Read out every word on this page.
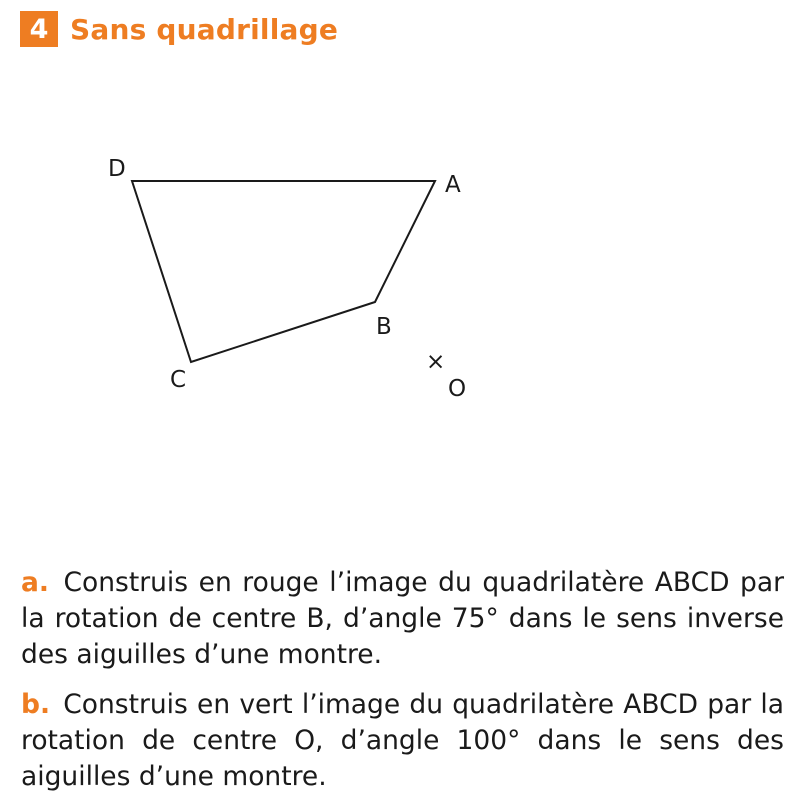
4 Sans quadrillage
D
A
B
C
×
O

a. Construis en rouge l’image du quadrilatère ABCD par la rotation de centre B, d’angle 75° dans le sens inverse des aiguilles d’une montre.

b. Construis en vert l’image du quadrilatère ABCD par la rotation de centre O, d’angle 100° dans le sens des aiguilles d’une montre.
